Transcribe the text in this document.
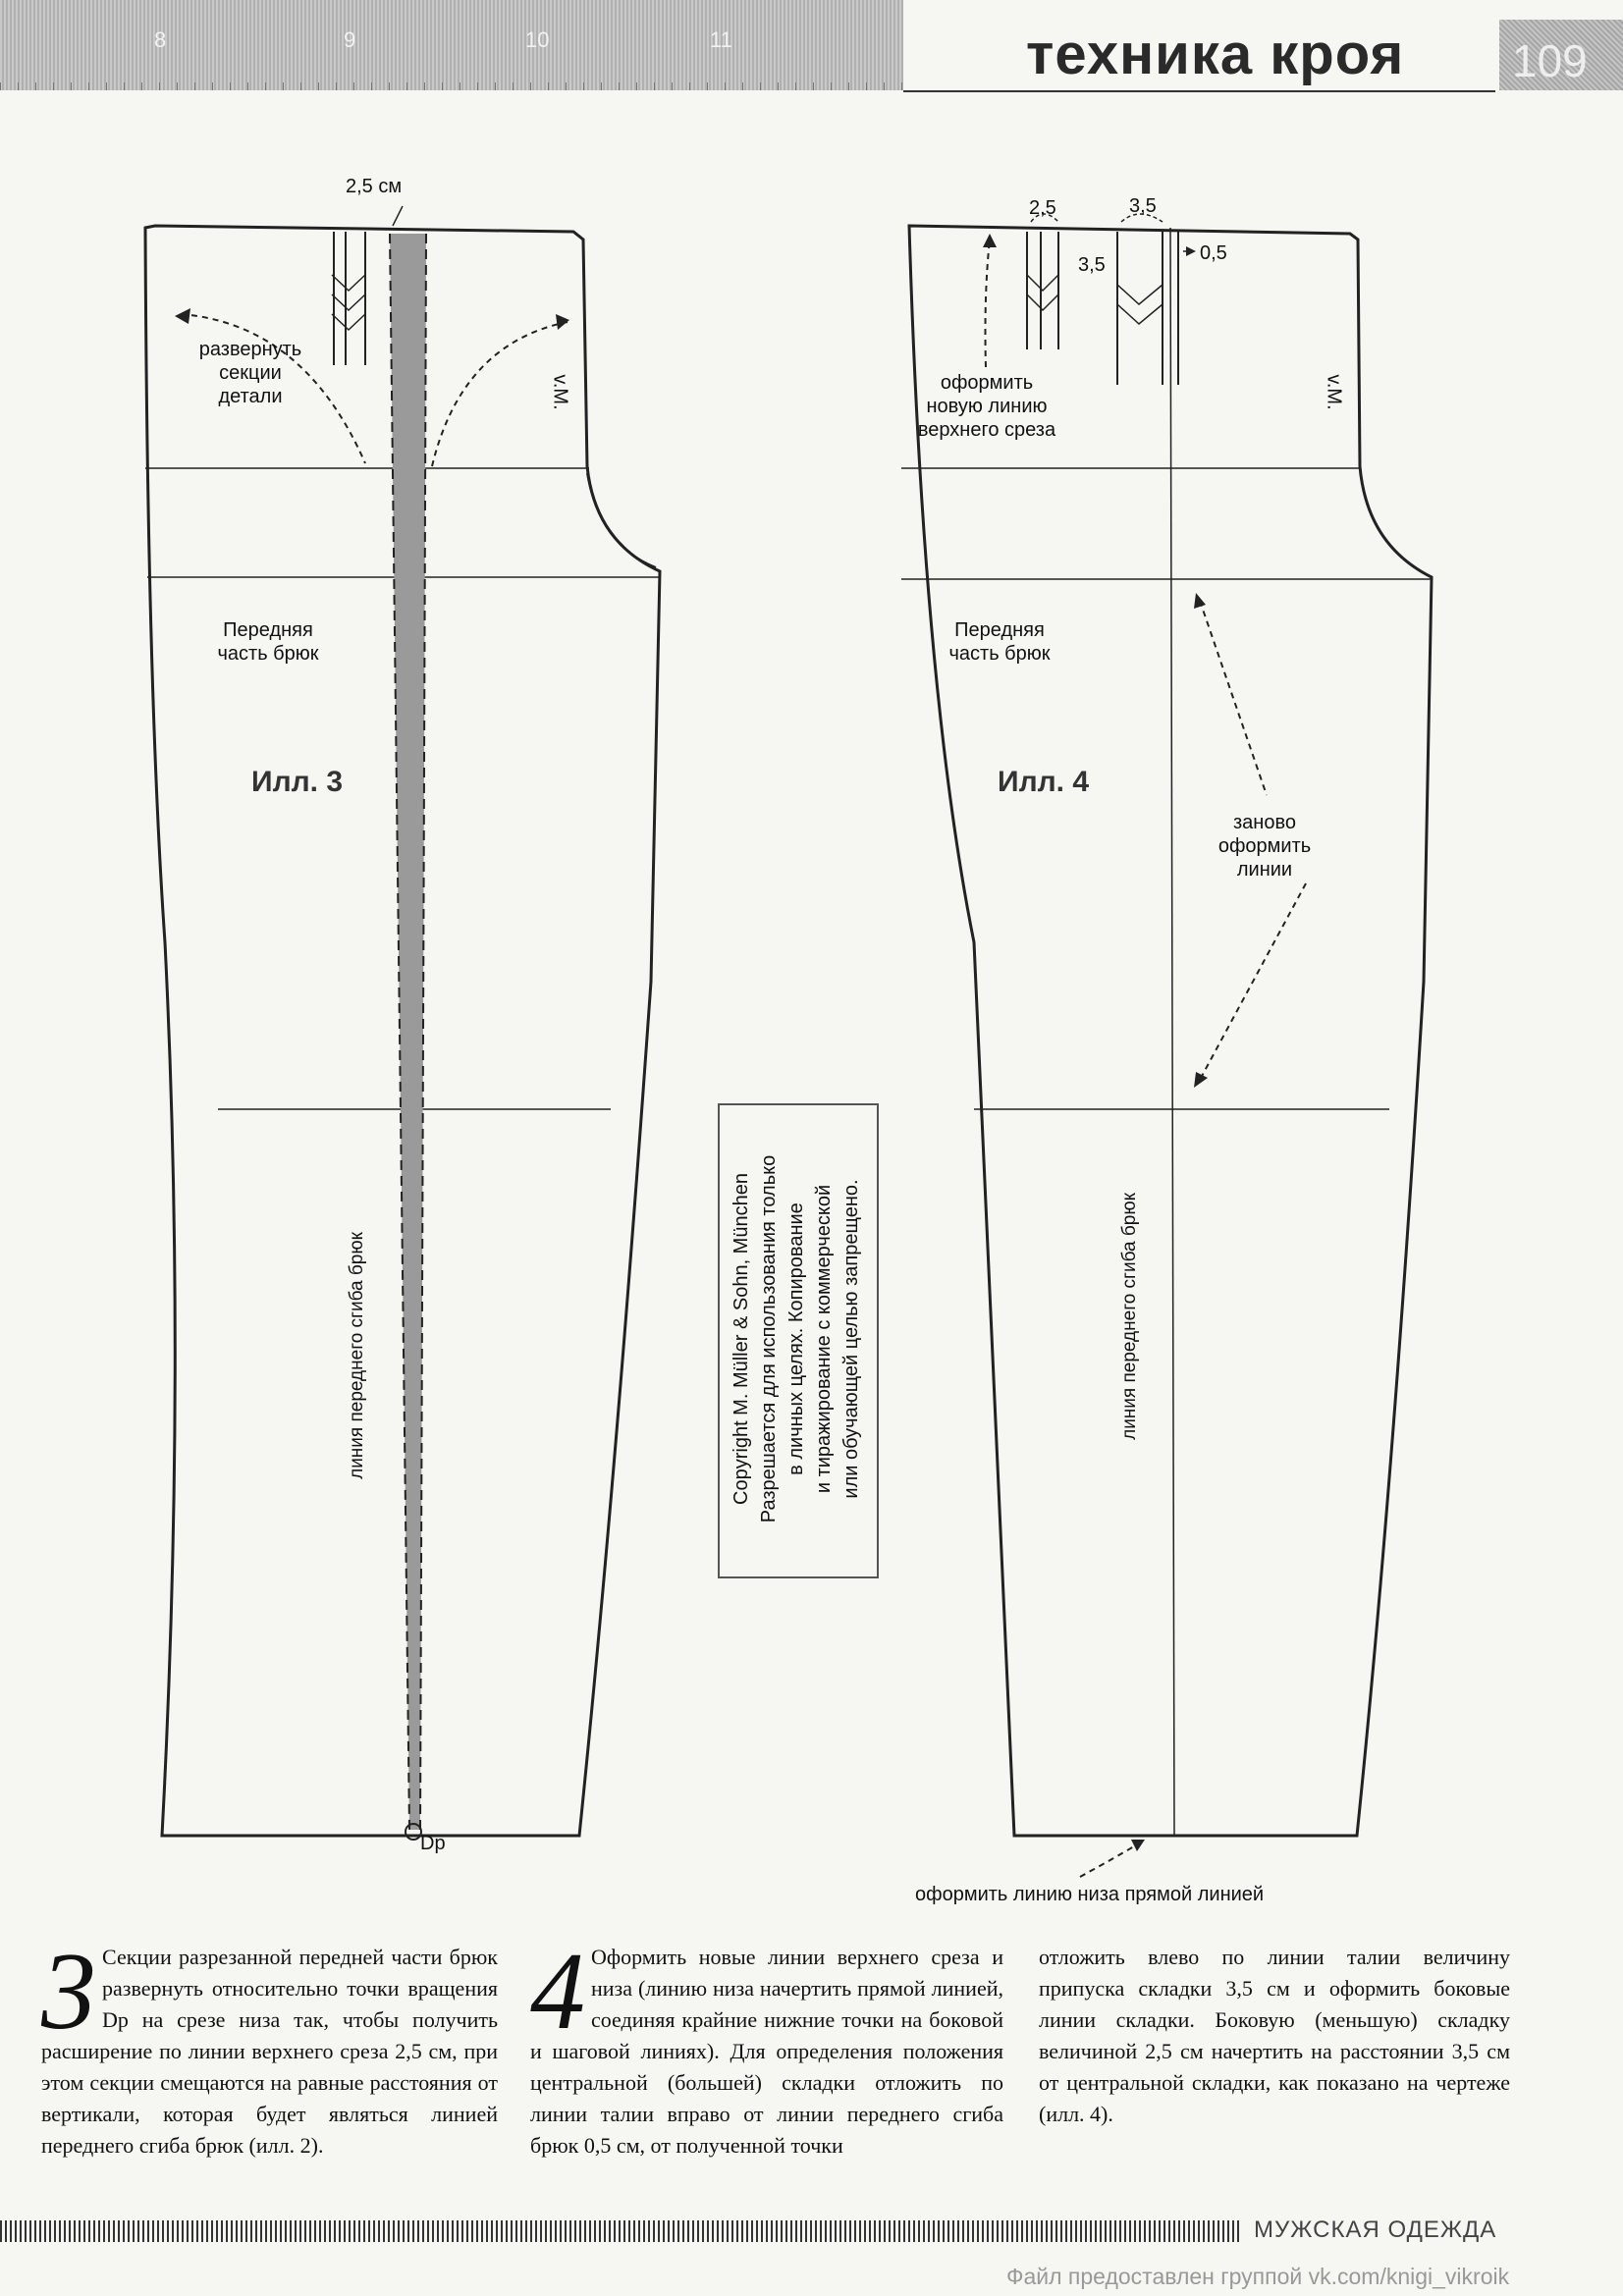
8	9	10	11	техника кроя 109
2,5 см
развернуть
секции
детали
Передняя
часть брюк
Илл. 3
v.M.
линия переднего сгиба брюк
Dp
2,5	3,5
3,5
0,5
оформить
новую линию
верхнего среза
Передняя
часть брюк
Илл. 4
v.M.
заново
оформить
линии
линия переднего сгиба брюк
оформить линию низа прямой линией
Copyright M. Müller & Sohn, München
Разрешается для использования только
в личных целях. Копирование
и тиражирование с коммерческой
или обучающей целью запрещено.
3 Секции разрезанной передней части брюк развернуть относительно точки вращения Dp на срезе низа так, чтобы получить расширение по линии верхнего среза 2,5 см, при этом секции смещаются на равные расстояния от вертикали, которая будет являться линией переднего сгиба брюк (илл. 2).
4 Оформить новые линии верхнего среза и низа (линию низа начертить прямой линией, соединяя крайние нижние точки на боковой и шаговой линиях). Для определения положения центральной (большей) складки отложить по линии талии вправо от линии переднего сгиба брюк 0,5 см, от полученной точки
отложить влево по линии талии величину припуска складки 3,5 см и оформить боковые линии складки. Боковую (меньшую) складку величиной 2,5 см начертить на расстоянии 3,5 см от центральной складки, как показано на чертеже (илл. 4).
МУЖСКАЯ ОДЕЖДА
Файл предоставлен группой vk.com/knigi_vikroik
